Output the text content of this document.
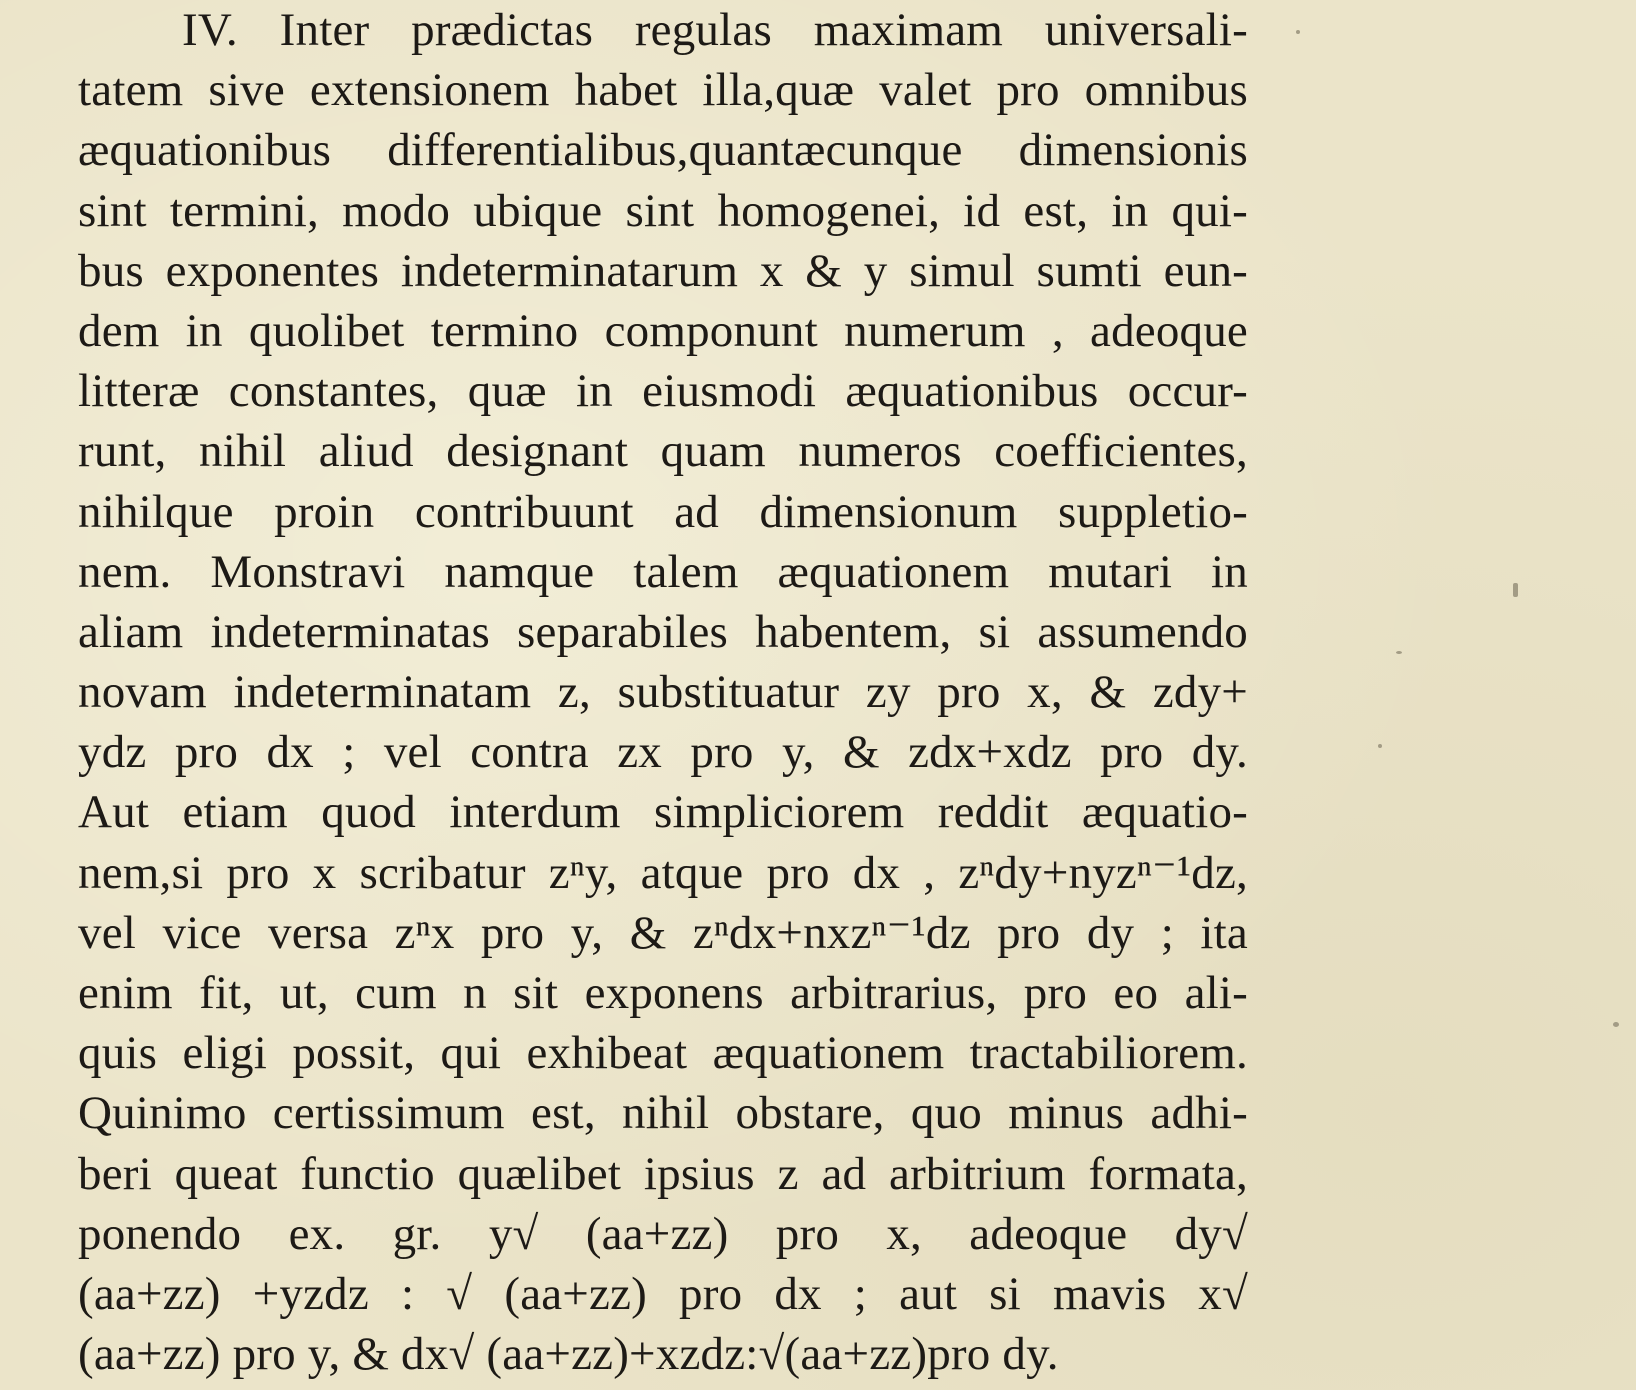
IV. Inter prædictas regulas maximam universali-
tatem sive extensionem habet illa,quæ valet pro omnibus
æquationibus differentialibus,quantæcunque dimensionis
sint termini, modo ubique sint homogenei, id est, in qui-
bus exponentes indeterminatarum x & y simul sumti eun-
dem in quolibet termino componunt numerum , adeoque
litteræ constantes, quæ in eiusmodi æquationibus occur-
runt, nihil aliud designant quam numeros coefficientes,
nihilque proin contribuunt ad dimensionum suppletio-
nem. Monstravi namque talem æquationem mutari in
aliam indeterminatas separabiles habentem, si assumendo
novam indeterminatam z, substituatur zy pro x, & zdy+
ydz pro dx ; vel contra zx pro y, & zdx+xdz pro dy.
Aut etiam quod interdum simpliciorem reddit æquatio-
nem,si pro x scribatur zⁿy, atque pro dx , zⁿdy+nyzⁿ⁻¹dz,
vel vice versa zⁿx pro y, & zⁿdx+nxzⁿ⁻¹dz pro dy ; ita
enim fit, ut, cum n sit exponens arbitrarius, pro eo ali-
quis eligi possit, qui exhibeat æquationem tractabiliorem.
Quinimo certissimum est, nihil obstare, quo minus adhi-
beri queat functio quælibet ipsius z ad arbitrium formata,
ponendo ex. gr. y√ (aa+zz) pro x, adeoque dy√
(aa+zz) +yzdz : √ (aa+zz) pro dx ; aut si mavis x√
(aa+zz) pro y, & dx√ (aa+zz)+xzdz:√(aa+zz)pro dy.
